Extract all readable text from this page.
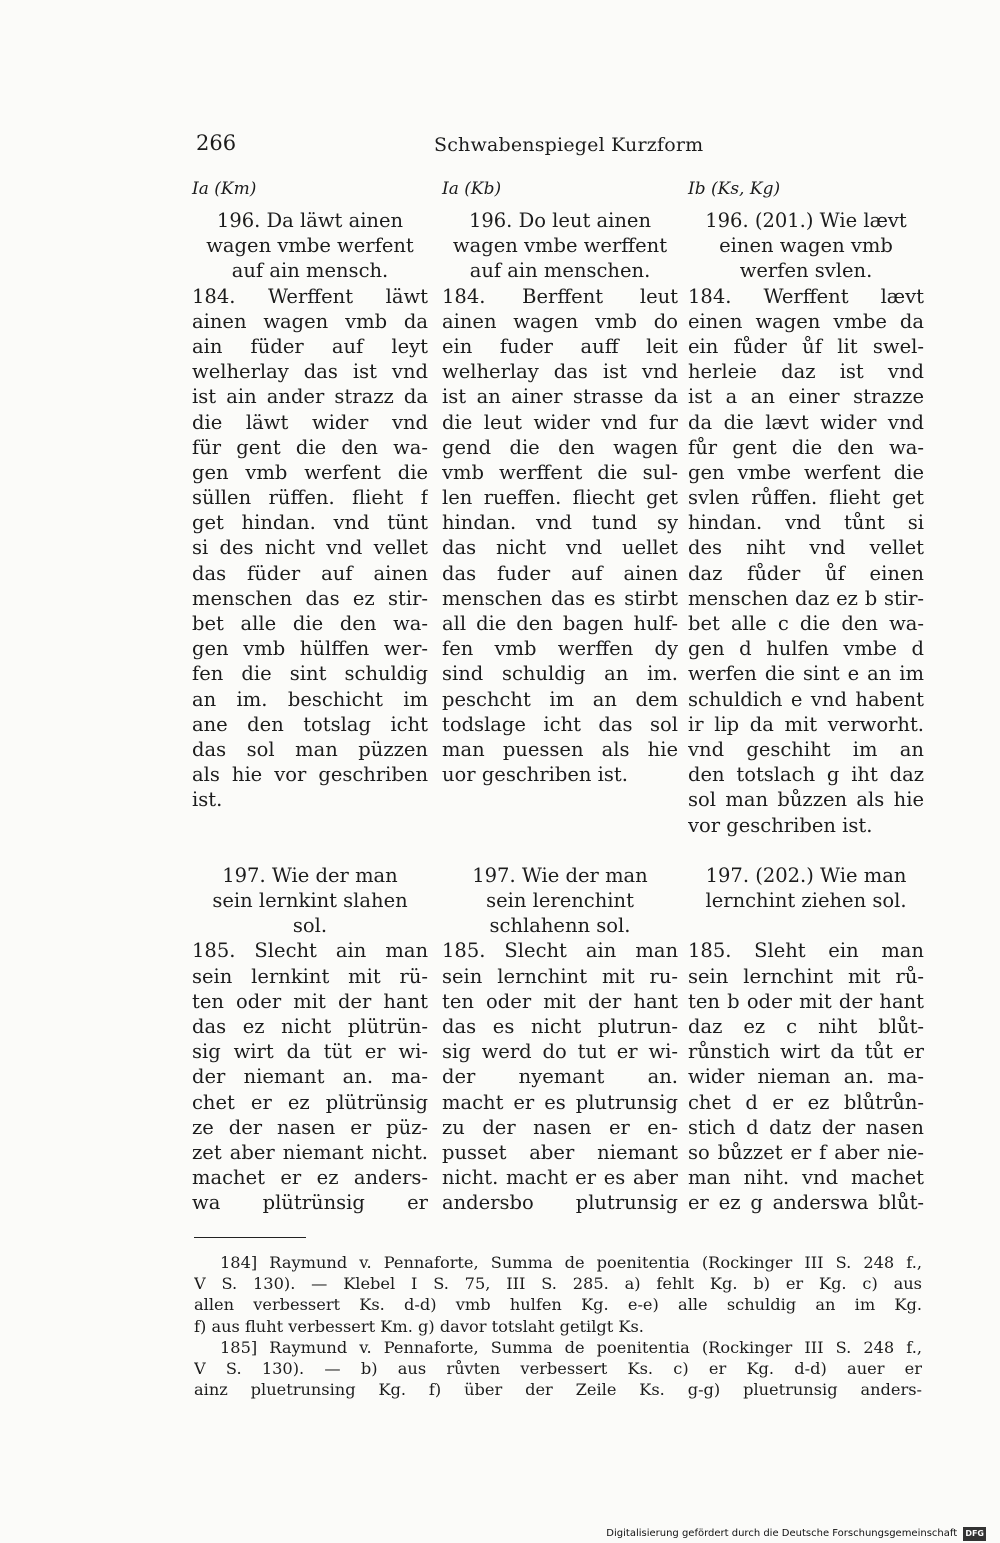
266	Schwabenspiegel Kurzform
Ia (Km)
196. Da läwt ainen
wagen vmbe werfent
auf ain mensch.
184. Werffent läwt
ainen wagen vmb da
ain füder auf leyt
welherlay das ist vnd
ist ain ander strazz da
die läwt wider vnd
für gent die den wa-
gen vmb werfent die
süllen rüffen. flieht f
get hindan. vnd tünt
si des nicht vnd vellet
das füder auf ainen
menschen das ez stir-
bet alle die den wa-
gen vmb hülffen wer-
fen die sint schuldig
an im. beschicht im
ane den totslag icht
das sol man püzzen
als hie vor geschriben
ist.
197. Wie der man
sein lernkint slahen
sol.
185. Slecht ain man
sein lernkint mit rü-
ten oder mit der hant
das ez nicht plütrün-
sig wirt da tüt er wi-
der niemant an. ma-
chet er ez plütrünsig
ze der nasen er püz-
zet aber niemant nicht.
machet er ez anders-
wa plütrünsig er
Ia (Kb)
196. Do leut ainen
wagen vmbe werffent
auf ain menschen.
184. Berffent leut
ainen wagen vmb do
ein fuder auff leit
welherlay das ist vnd
ist an ainer strasse da
die leut wider vnd fur
gend die den wagen
vmb werffent die sul-
len rueffen. fliecht get
hindan. vnd tund sy
das nicht vnd uellet
das fuder auf ainen
menschen das es stirbt
all die den bagen hulf-
fen vmb werffen dy
sind schuldig an im.
peschcht im an dem
todslage icht das sol
man puessen als hie
uor geschriben ist.
197. Wie der man
sein lerenchint
schlahenn sol.
185. Slecht ain man
sein lernchint mit ru-
ten oder mit der hant
das es nicht plutrun-
sig werd do tut er wi-
der nyemant an.
macht er es plutrunsig
zu der nasen er en-
pusset aber niemant
nicht. macht er es aber
andersbo plutrunsig
Ib (Ks, Kg)
196. (201.) Wie lævt
einen wagen vmb
werfen svlen.
184. Werffent lævt
einen wagen vmbe da
ein fůder ůf lit swel-
herleie daz ist vnd
ist a an einer strazze
da die lævt wider vnd
fůr gent die den wa-
gen vmbe werfent die
svlen růffen. flieht get
hindan. vnd tůnt si
des niht vnd vellet
daz fůder ůf einen
menschen daz ez b stir-
bet alle c die den wa-
gen d hulfen vmbe d
werfen die sint e an im
schuldich e vnd habent
ir lip da mit verworht.
vnd geschiht im an
den totslach g iht daz
sol man bůzzen als hie
vor geschriben ist.
197. (202.) Wie man
lernchint ziehen sol.
185. Sleht ein man
sein lernchint mit rů-
ten b oder mit der hant
daz ez c niht blůt-
růnstich wirt da tůt er
wider nieman an. ma-
chet d er ez blůtrůn-
stich d datz der nasen
so bůzzet er f aber nie-
man niht. vnd machet
er ez g anderswa blůt-
184] Raymund v. Pennaforte, Summa de poenitentia (Rockinger III S. 248 f.,
V S. 130). — Klebel I S. 75, III S. 285. a) fehlt Kg. b) er Kg. c) aus
allen verbessert Ks. d-d) vmb hulfen Kg. e-e) alle schuldig an im Kg.
f) aus fluht verbessert Km. g) davor totslaht getilgt Ks.
185] Raymund v. Pennaforte, Summa de poenitentia (Rockinger III S. 248 f.,
V S. 130). — b) aus růvten verbessert Ks. c) er Kg. d-d) auer er
ainz pluetrunsing Kg. f) über der Zeile Ks. g-g) pluetrunsig anders-
Digitalisierung gefördert durch die Deutsche Forschungsgemeinschaft DFG
